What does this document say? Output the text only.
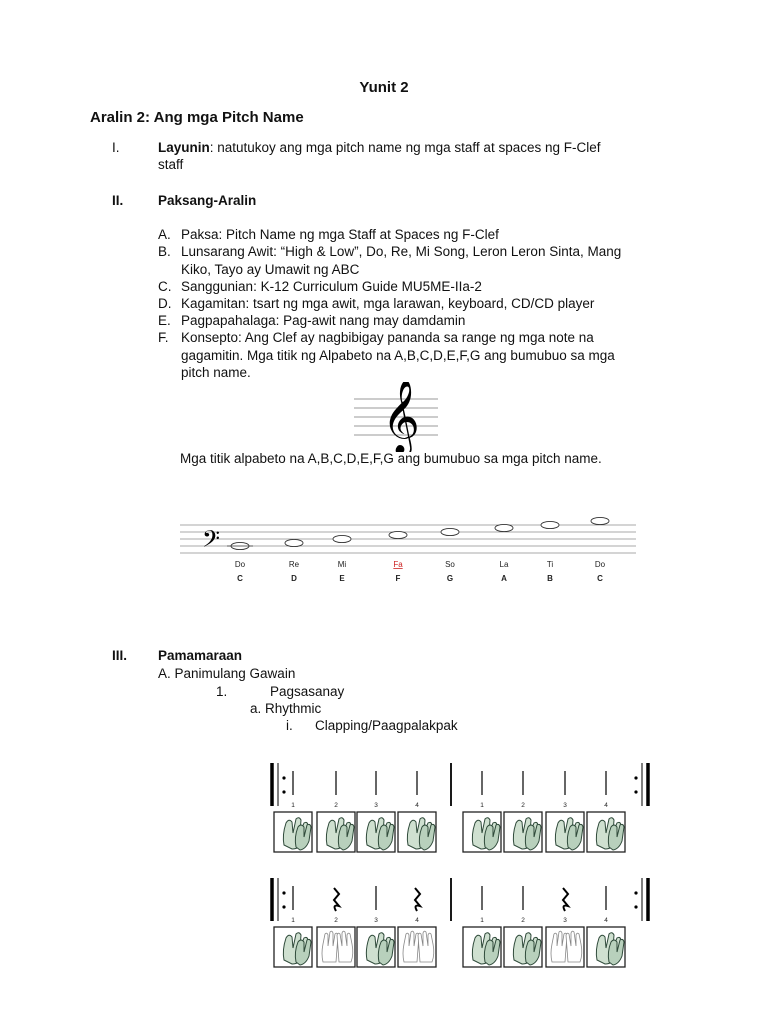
Yunit 2
Aralin 2: Ang mga Pitch Name
I.	Layunin: natutukoy ang mga pitch name ng mga staff at spaces ng F-Clef
staff
II.	Paksang-Aralin
A. Paksa: Pitch Name ng mga Staff at Spaces ng F-Clef
B. Lunsarang Awit: “High & Low”, Do, Re, Mi Song, Leron Leron Sinta, Mang
Kiko, Tayo ay Umawit ng ABC
C. Sanggunian: K-12 Curriculum Guide MU5ME-IIa-2
D. Kagamitan: tsart ng mga awit, mga larawan, keyboard, CD/CD player
E. Pagpapahalaga: Pag-awit nang may damdamin
F. Konsepto: Ang Clef ay nagbibigay pananda sa range ng mga note na
gagamitin. Mga titik ng Alpabeto na A,B,C,D,E,F,G ang bumubuo sa mga
pitch name.
𝄞
Mga titik alpabeto na A,B,C,D,E,F,G ang bumubuo sa mga pitch name.
𝄢
Do
C
Re
D
Mi
E
Fa
F
So
G
La
A
Ti
B
Do
C
III. Pamamaraan
A. Panimulang Gawain
1.	Pagsasanay
a. Rhythmic
i. Clapping/Paagpalakpak
1	2	3	4	1	2	3	4
1	2	3	4	1	2	3	4
